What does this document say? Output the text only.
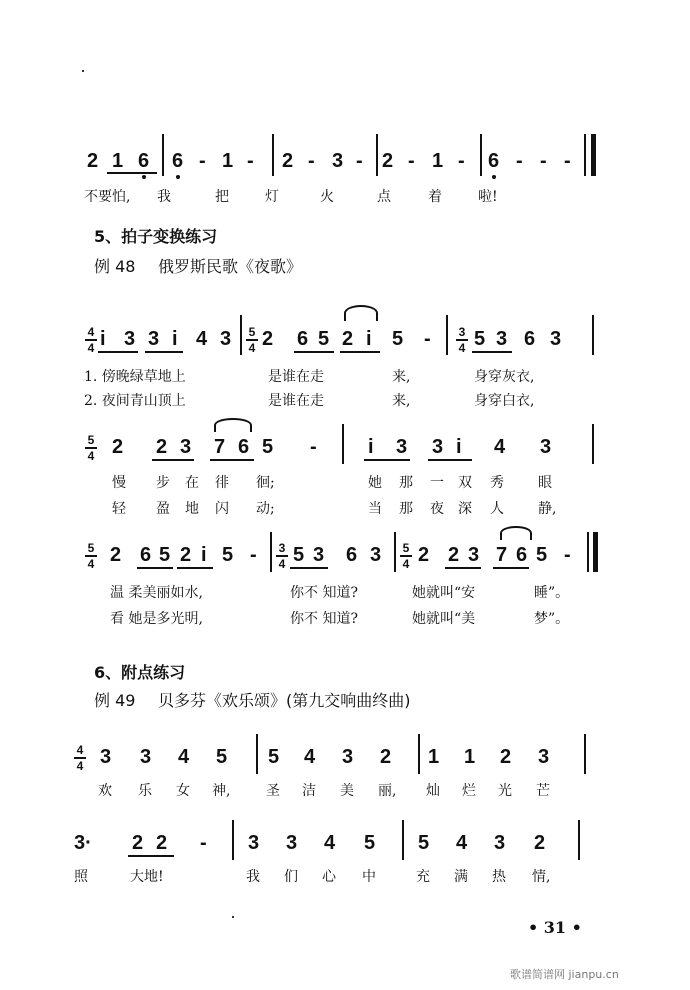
2 1 6 6 - 1 - 2 - 3 - 2 - 1 - 6 - - -
不要怕, 我	把	灯	火	点	着	啦!
5、拍子变换练习
例 48 俄罗斯民歌《夜歌》
4
4 i 3 3 i 4 3 5
4 2 6 5 2 i 5 - 3
4 5 3 6 3
1. 傍晚绿草地上	是谁在走	来,	身穿灰衣,
2. 夜间青山顶上	是谁在走	来,	身穿白衣,
5
4 2 2 3 7 6 5 -	i 3 3 i 4 3
慢 步 在 徘 徊;	她 那 一 双 秀 眼
轻 盈 地 闪 动;	当 那 夜 深 人 静,
5
4 2 6 5 2 i 5 - 3
4 5 3 6 3 5
4 2 2 3 7 6 5 -
温 柔美丽如水,	你不 知道?	她就叫“安	睡”。
看 她是多光明,	你不 知道?	她就叫“美	梦”。
6、附点练习
例 49 贝多芬《欢乐颂》(第九交响曲终曲)
4
4 3 3 4 5 5 4 3 2 1 1 2 3
欢 乐 女 神,	圣 洁 美 丽, 灿 烂 光 芒
3· 2 2 - 3 3 4 5 5 4 3 2
照	大地!	我 们 心 中	充 满 热 情,
• 31 •
歌谱简谱网 jianpu.cn
